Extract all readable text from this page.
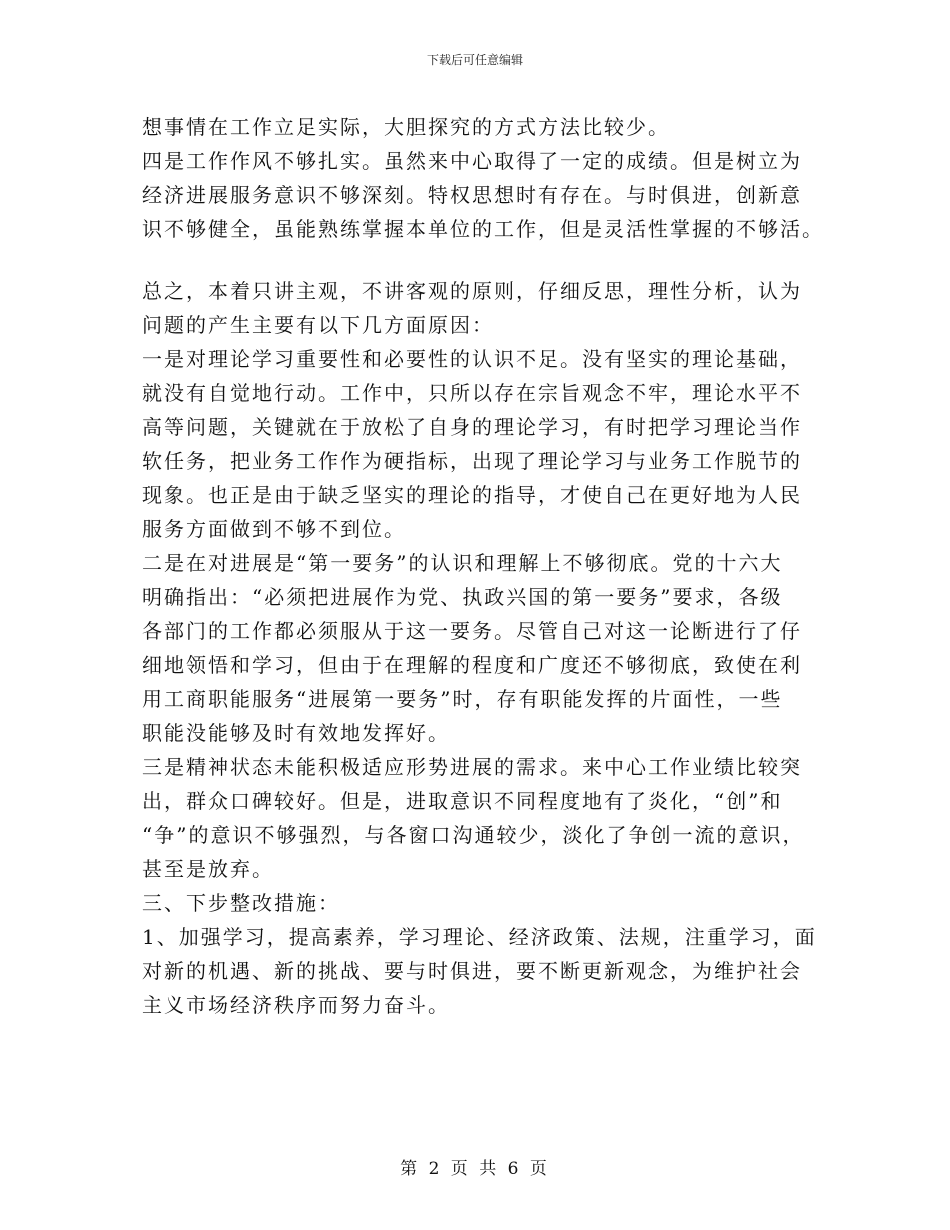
下载后可任意编辑
想事情在工作立足实际，大胆探究的方式方法比较少。
四是工作作风不够扎实。虽然来中心取得了一定的成绩。但是树立为
经济进展服务意识不够深刻。特权思想时有存在。与时俱进，创新意
识不够健全，虽能熟练掌握本单位的工作，但是灵活性掌握的不够活。
总之，本着只讲主观，不讲客观的原则，仔细反思，理性分析，认为
问题的产生主要有以下几方面原因：
一是对理论学习重要性和必要性的认识不足。没有坚实的理论基础，
就没有自觉地行动。工作中，只所以存在宗旨观念不牢，理论水平不
高等问题，关键就在于放松了自身的理论学习，有时把学习理论当作
软任务，把业务工作作为硬指标，出现了理论学习与业务工作脱节的
现象。也正是由于缺乏坚实的理论的指导，才使自己在更好地为人民
服务方面做到不够不到位。
二是在对进展是“第一要务”的认识和理解上不够彻底。党的十六大
明确指出：“必须把进展作为党、执政兴国的第一要务”要求，各级
各部门的工作都必须服从于这一要务。尽管自己对这一论断进行了仔
细地领悟和学习，但由于在理解的程度和广度还不够彻底，致使在利
用工商职能服务“进展第一要务”时，存有职能发挥的片面性，一些
职能没能够及时有效地发挥好。
三是精神状态未能积极适应形势进展的需求。来中心工作业绩比较突
出，群众口碑较好。但是，进取意识不同程度地有了炎化，“创”和
“争”的意识不够强烈，与各窗口沟通较少，淡化了争创一流的意识，
甚至是放弃。
三、下步整改措施：
1、加强学习，提高素养，学习理论、经济政策、法规，注重学习，面
对新的机遇、新的挑战、要与时俱进，要不断更新观念，为维护社会
主义市场经济秩序而努力奋斗。
第 2 页 共 6 页
